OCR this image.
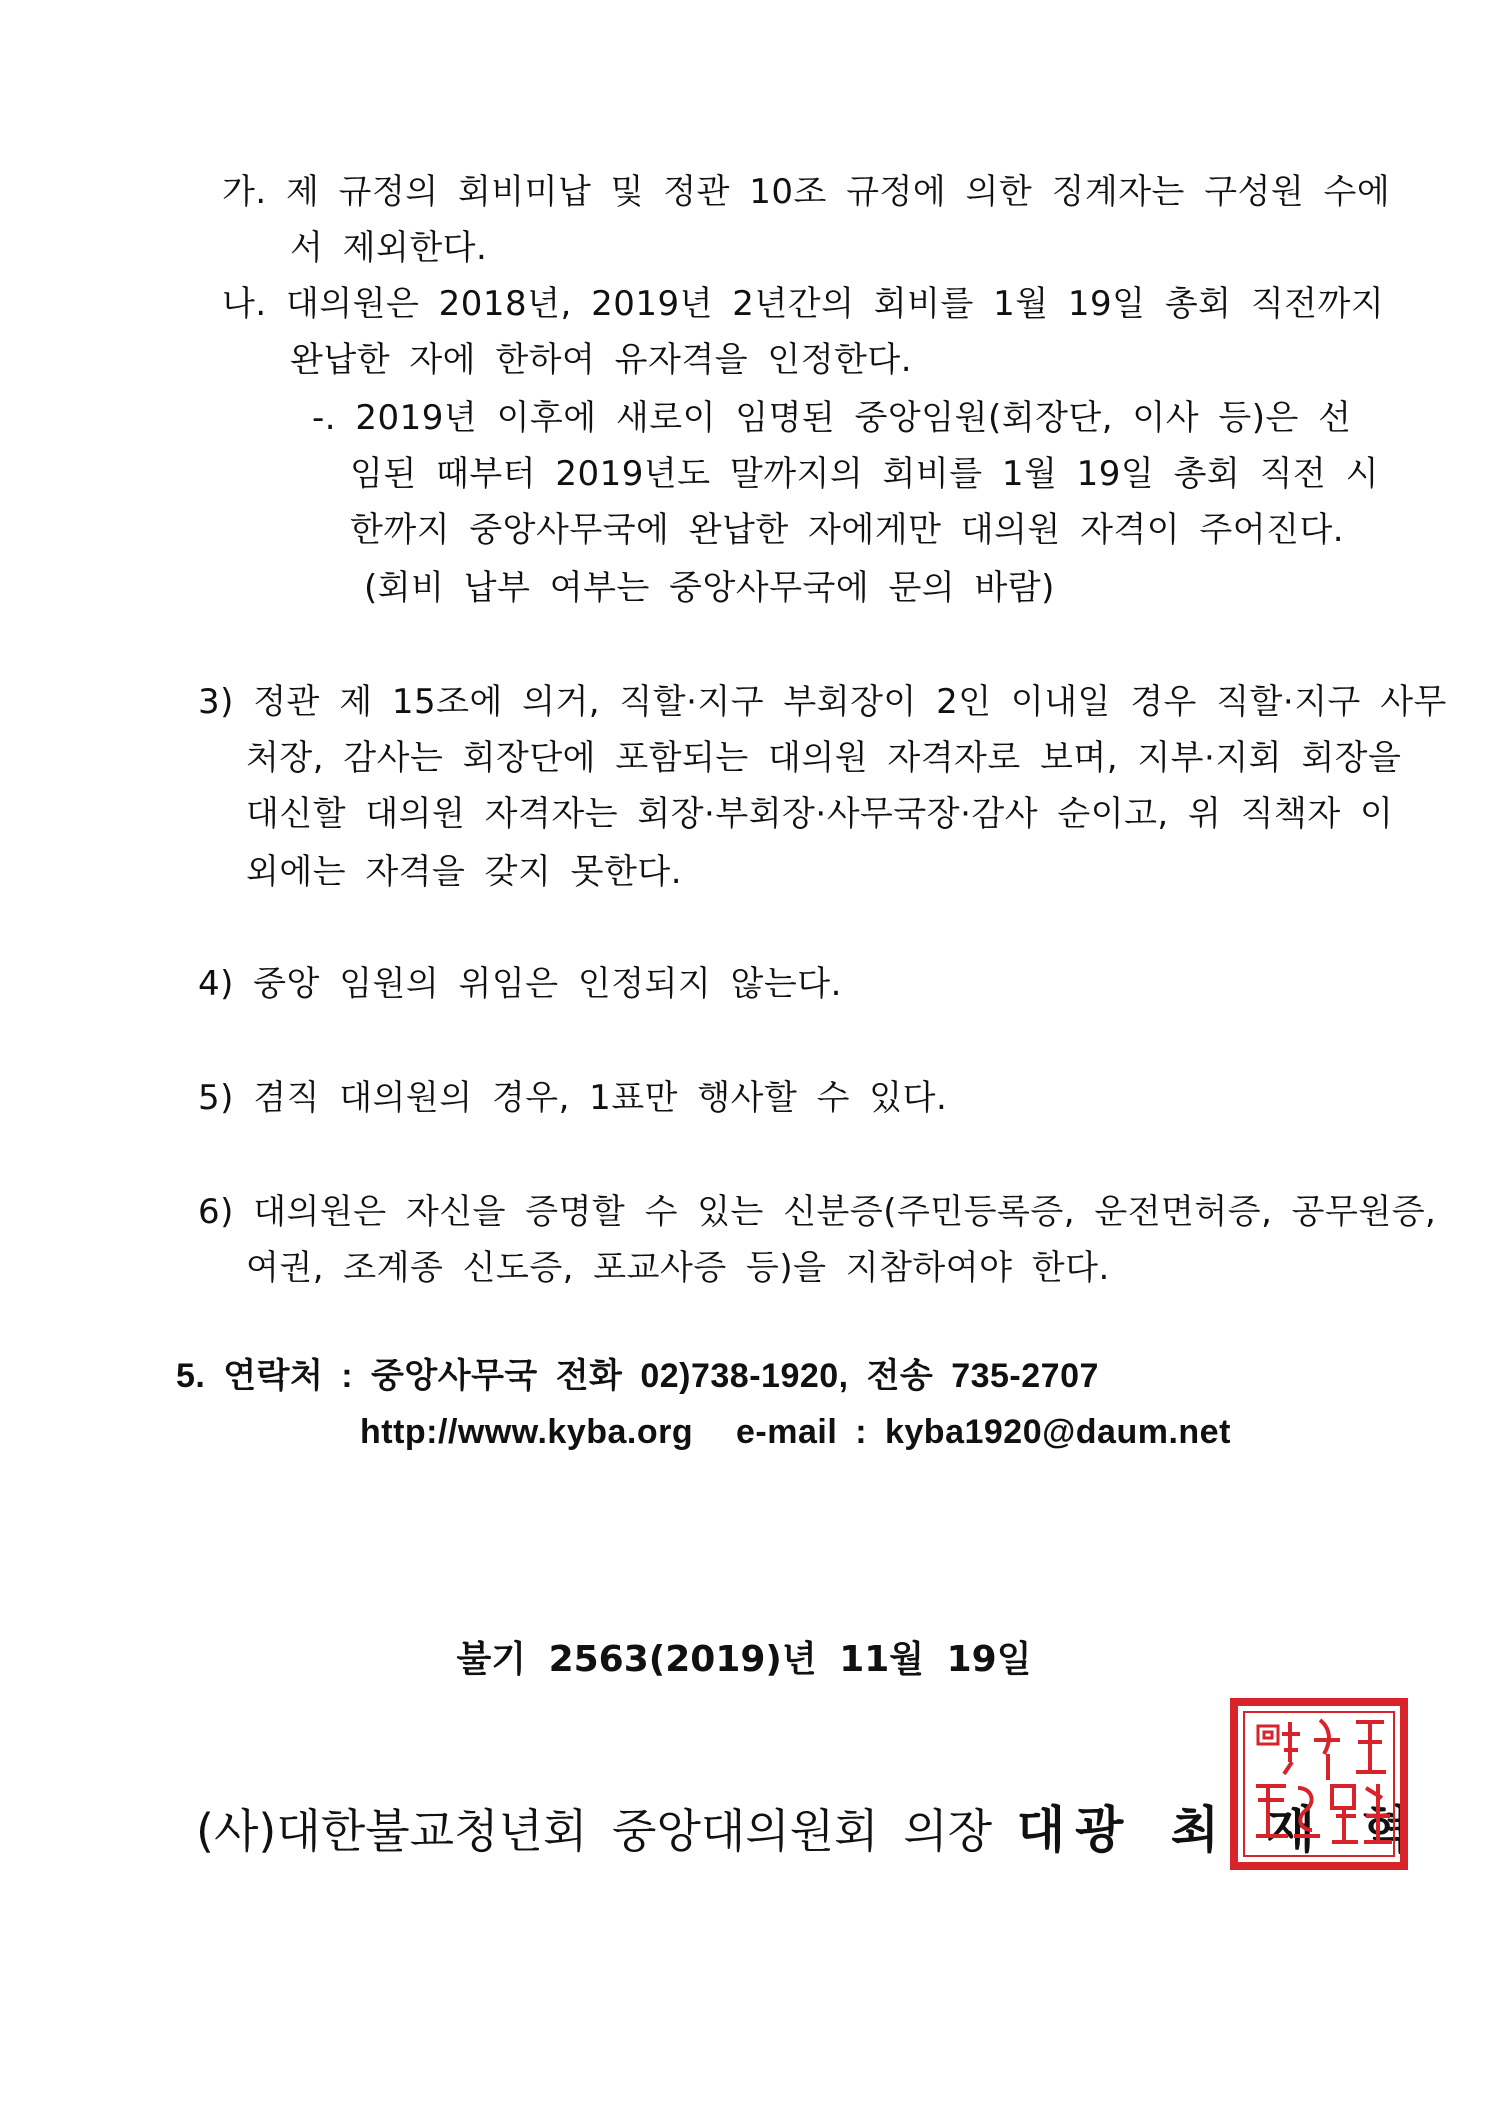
가. 제 규정의 회비미납 및 정관 10조 규정에 의한 징계자는 구성원 수에
서 제외한다.
나. 대의원은 2018년, 2019년 2년간의 회비를 1월 19일 총회 직전까지
완납한 자에 한하여 유자격을 인정한다.
-. 2019년 이후에 새로이 임명된 중앙임원(회장단, 이사 등)은 선
임된 때부터 2019년도 말까지의 회비를 1월 19일 총회 직전 시
한까지 중앙사무국에 완납한 자에게만 대의원 자격이 주어진다.
(회비 납부 여부는 중앙사무국에 문의 바람)
3) 정관 제 15조에 의거, 직할·지구 부회장이 2인 이내일 경우 직할·지구 사무
처장, 감사는 회장단에 포함되는 대의원 자격자로 보며, 지부·지회 회장을
대신할 대의원 자격자는 회장·부회장·사무국장·감사 순이고, 위 직책자 이
외에는 자격을 갖지 못한다.
4) 중앙 임원의 위임은 인정되지 않는다.
5) 겸직 대의원의 경우, 1표만 행사할 수 있다.
6) 대의원은 자신을 증명할 수 있는 신분증(주민등록증, 운전면허증, 공무원증,
여권, 조계종 신도증, 포교사증 등)을 지참하여야 한다.
5. 연락처 : 중앙사무국 전화 02)738-1920, 전송 735-2707
http://www.kyba.org e-mail : kyba1920@daum.net
불기 2563(2019)년 11월 19일
(사)대한불교청년회 중앙대의원회 의장 대광 최 재 혁
